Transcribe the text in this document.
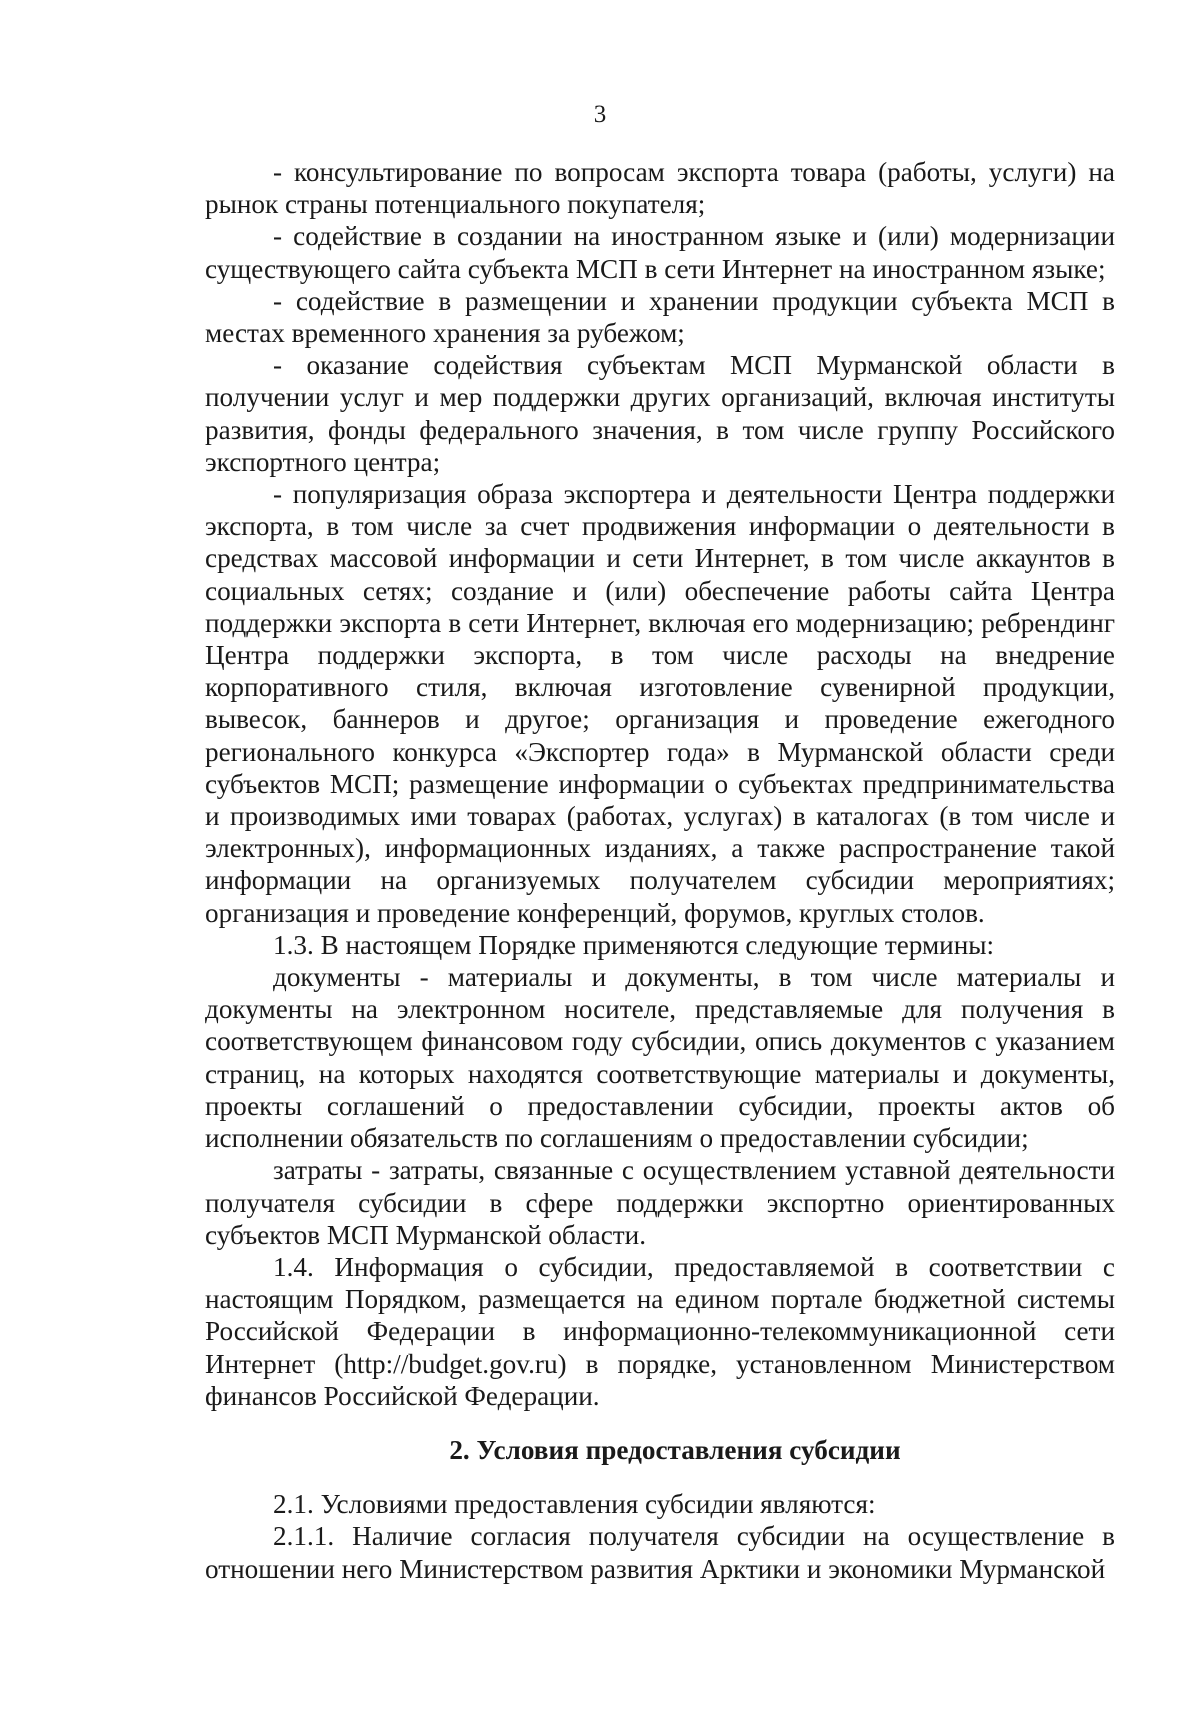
3

- консультирование по вопросам экспорта товара (работы, услуги) на рынок страны потенциального покупателя;

- содействие в создании на иностранном языке и (или) модернизации существующего сайта субъекта МСП в сети Интернет на иностранном языке;

- содействие в размещении и хранении продукции субъекта МСП в местах временного хранения за рубежом;

- оказание содействия субъектам МСП Мурманской области в получении услуг и мер поддержки других организаций, включая институты развития, фонды федерального значения, в том числе группу Российского экспортного центра;

- популяризация образа экспортера и деятельности Центра поддержки экспорта, в том числе за счет продвижения информации о деятельности в средствах массовой информации и сети Интернет, в том числе аккаунтов в социальных сетях; создание и (или) обеспечение работы сайта Центра поддержки экспорта в сети Интернет, включая его модернизацию; ребрендинг Центра поддержки экспорта, в том числе расходы на внедрение корпоративного стиля, включая изготовление сувенирной продукции, вывесок, баннеров и другое; организация и проведение ежегодного регионального конкурса «Экспортер года» в Мурманской области среди субъектов МСП; размещение информации о субъектах предпринимательства и производимых ими товарах (работах, услугах) в каталогах (в том числе и электронных), информационных изданиях, а также распространение такой информации на организуемых получателем субсидии мероприятиях; организация и проведение конференций, форумов, круглых столов.

1.3. В настоящем Порядке применяются следующие термины:

документы - материалы и документы, в том числе материалы и документы на электронном носителе, представляемые для получения в соответствующем финансовом году субсидии, опись документов с указанием страниц, на которых находятся соответствующие материалы и документы, проекты соглашений о предоставлении субсидии, проекты актов об исполнении обязательств по соглашениям о предоставлении субсидии;

затраты - затраты, связанные с осуществлением уставной деятельности получателя субсидии в сфере поддержки экспортно ориентированных субъектов МСП Мурманской области.

1.4. Информация о субсидии, предоставляемой в соответствии с настоящим Порядком, размещается на едином портале бюджетной системы Российской Федерации в информационно-телекоммуникационной сети Интернет (http://budget.gov.ru) в порядке, установленном Министерством финансов Российской Федерации.

2. Условия предоставления субсидии

2.1. Условиями предоставления субсидии являются:

2.1.1. Наличие согласия получателя субсидии на осуществление в отношении него Министерством развития Арктики и экономики Мурманской
